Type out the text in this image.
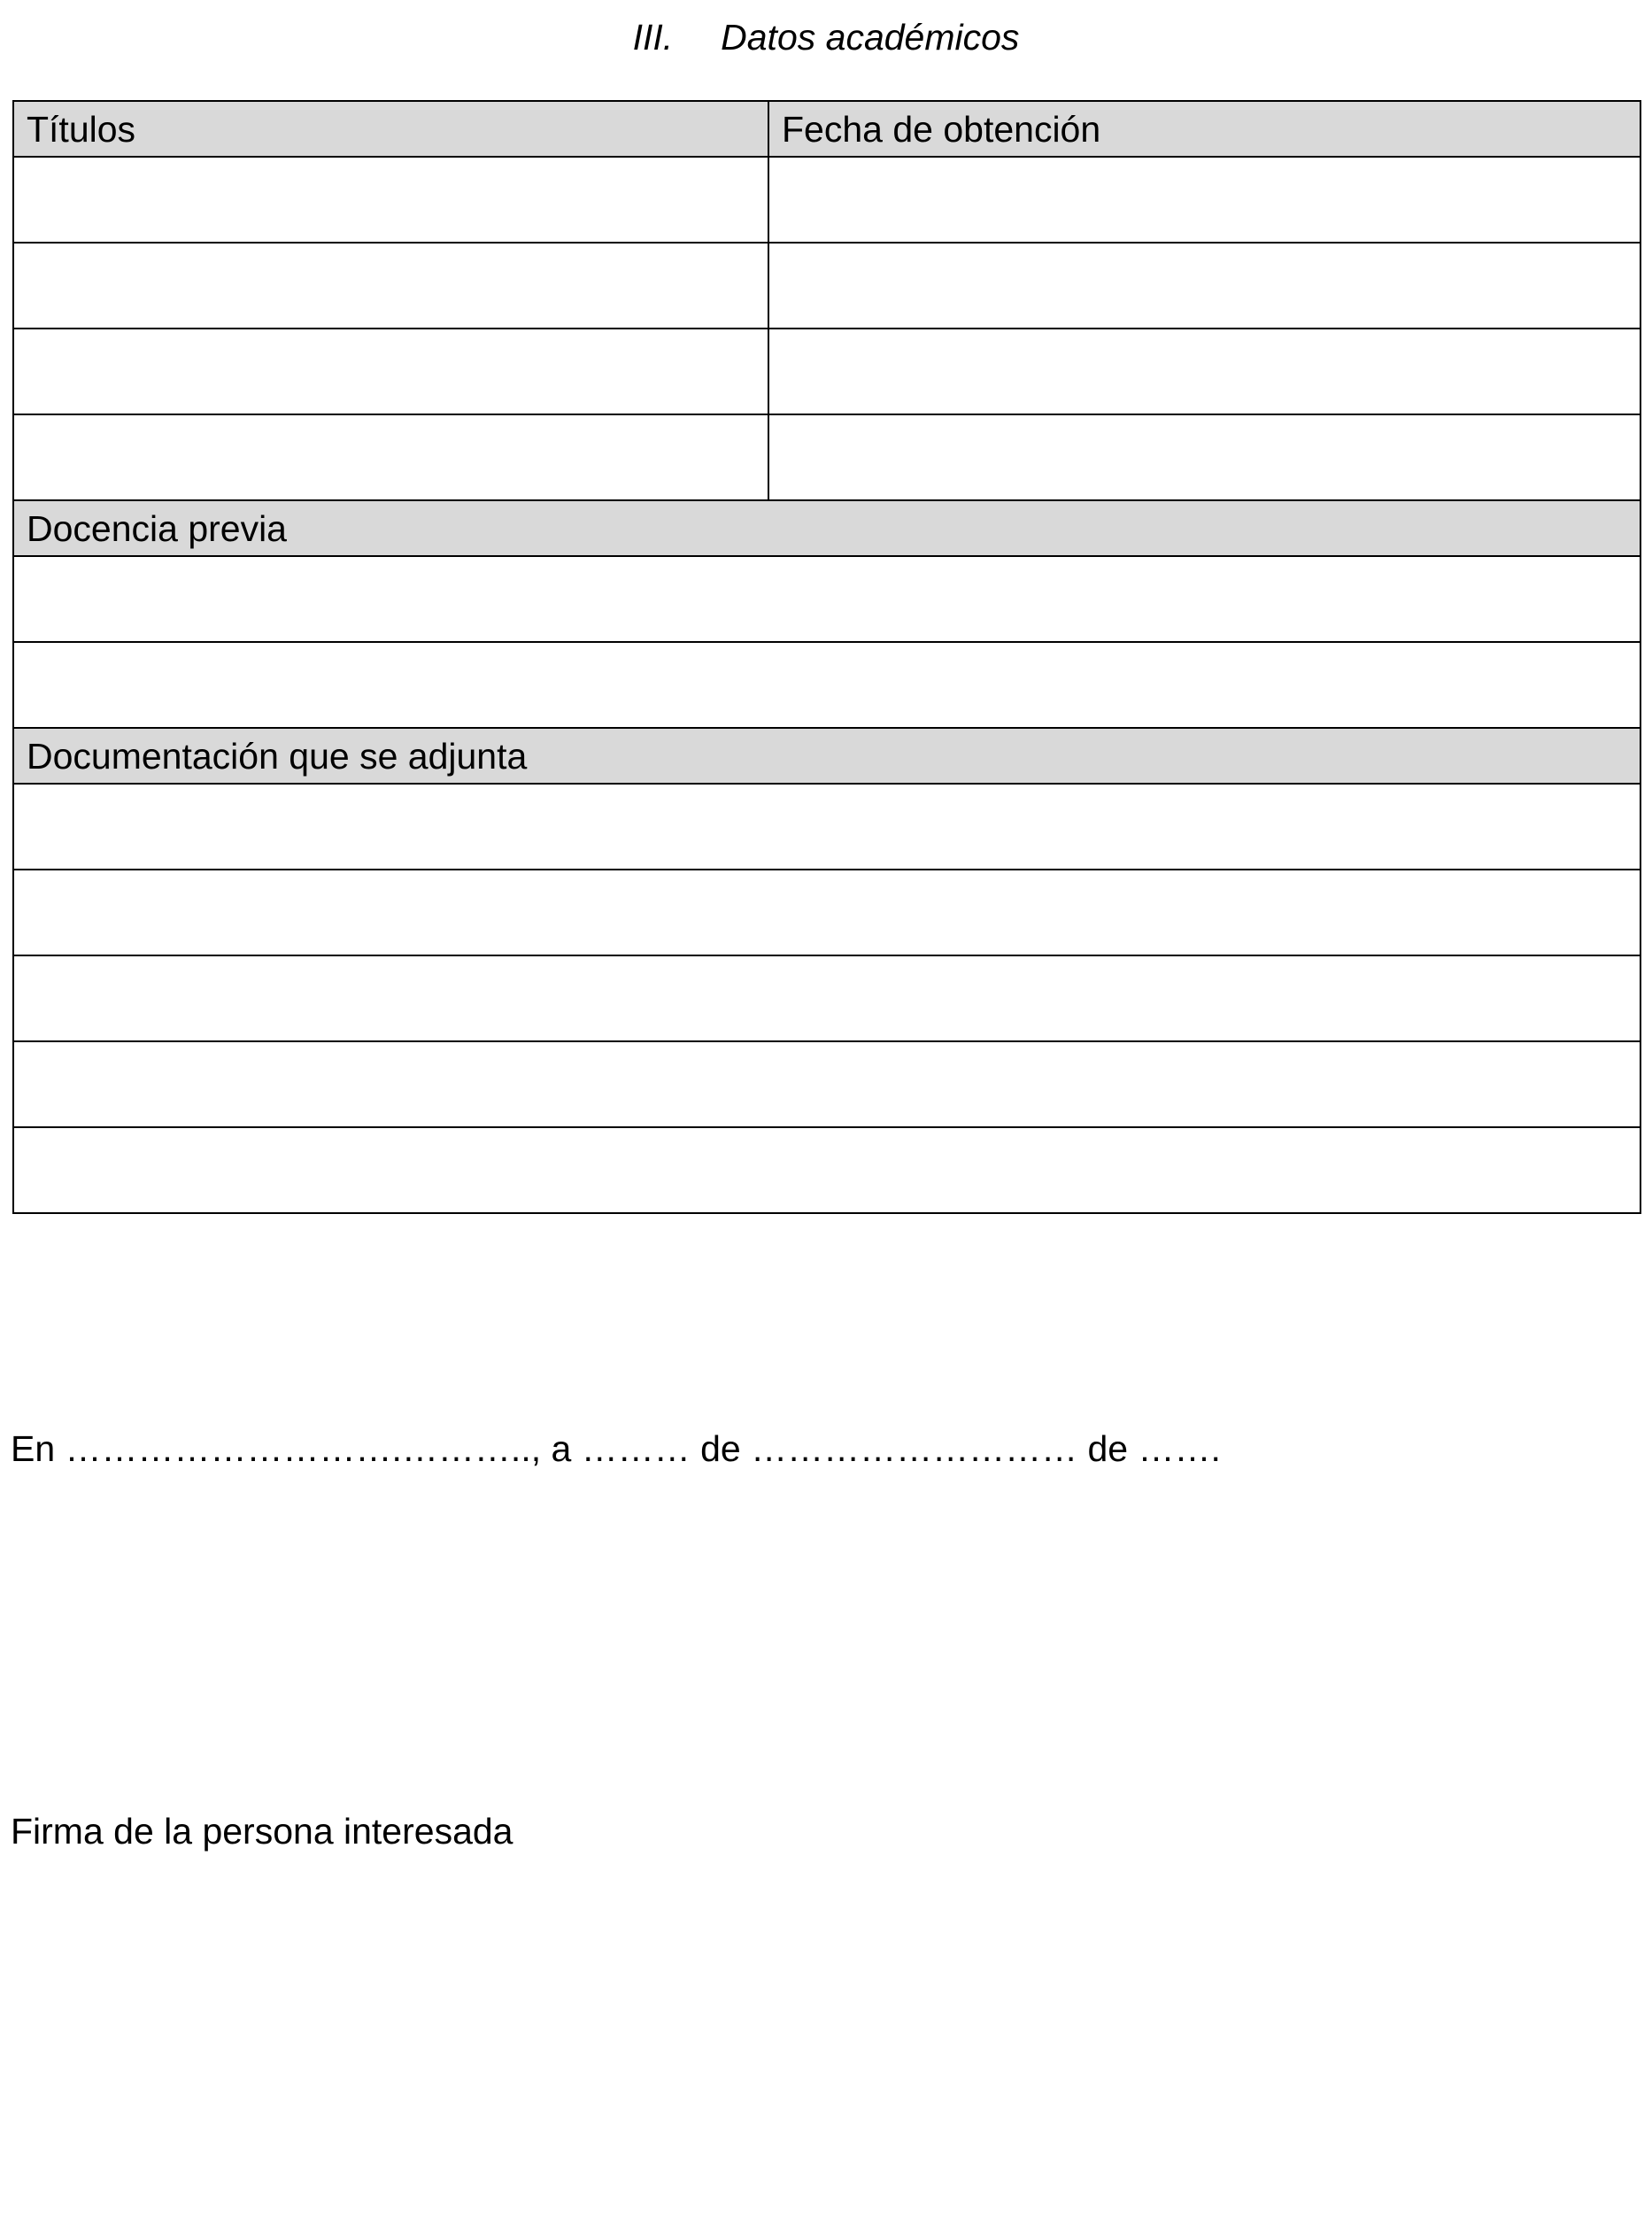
III. Datos académicos
Títulos	Fecha de obtención

Docencia previa	

Documentación que se adjunta	

En ……………………….……….., a ……… de ……………………… de …….
Firma de la persona interesada
